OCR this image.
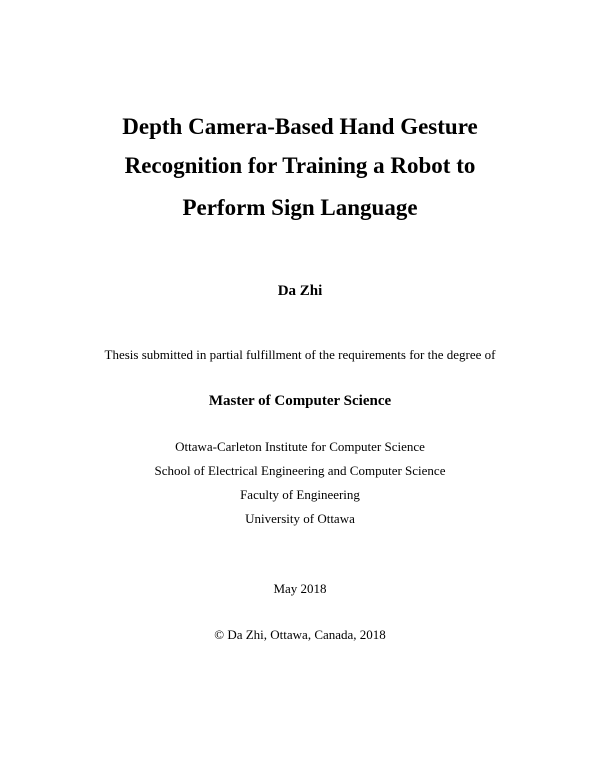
Depth Camera-Based Hand Gesture
Recognition for Training a Robot to
Perform Sign Language
Da Zhi
Thesis submitted in partial fulfillment of the requirements for the degree of
Master of Computer Science
Ottawa-Carleton Institute for Computer Science
School of Electrical Engineering and Computer Science
Faculty of Engineering
University of Ottawa
May 2018
© Da Zhi, Ottawa, Canada, 2018
